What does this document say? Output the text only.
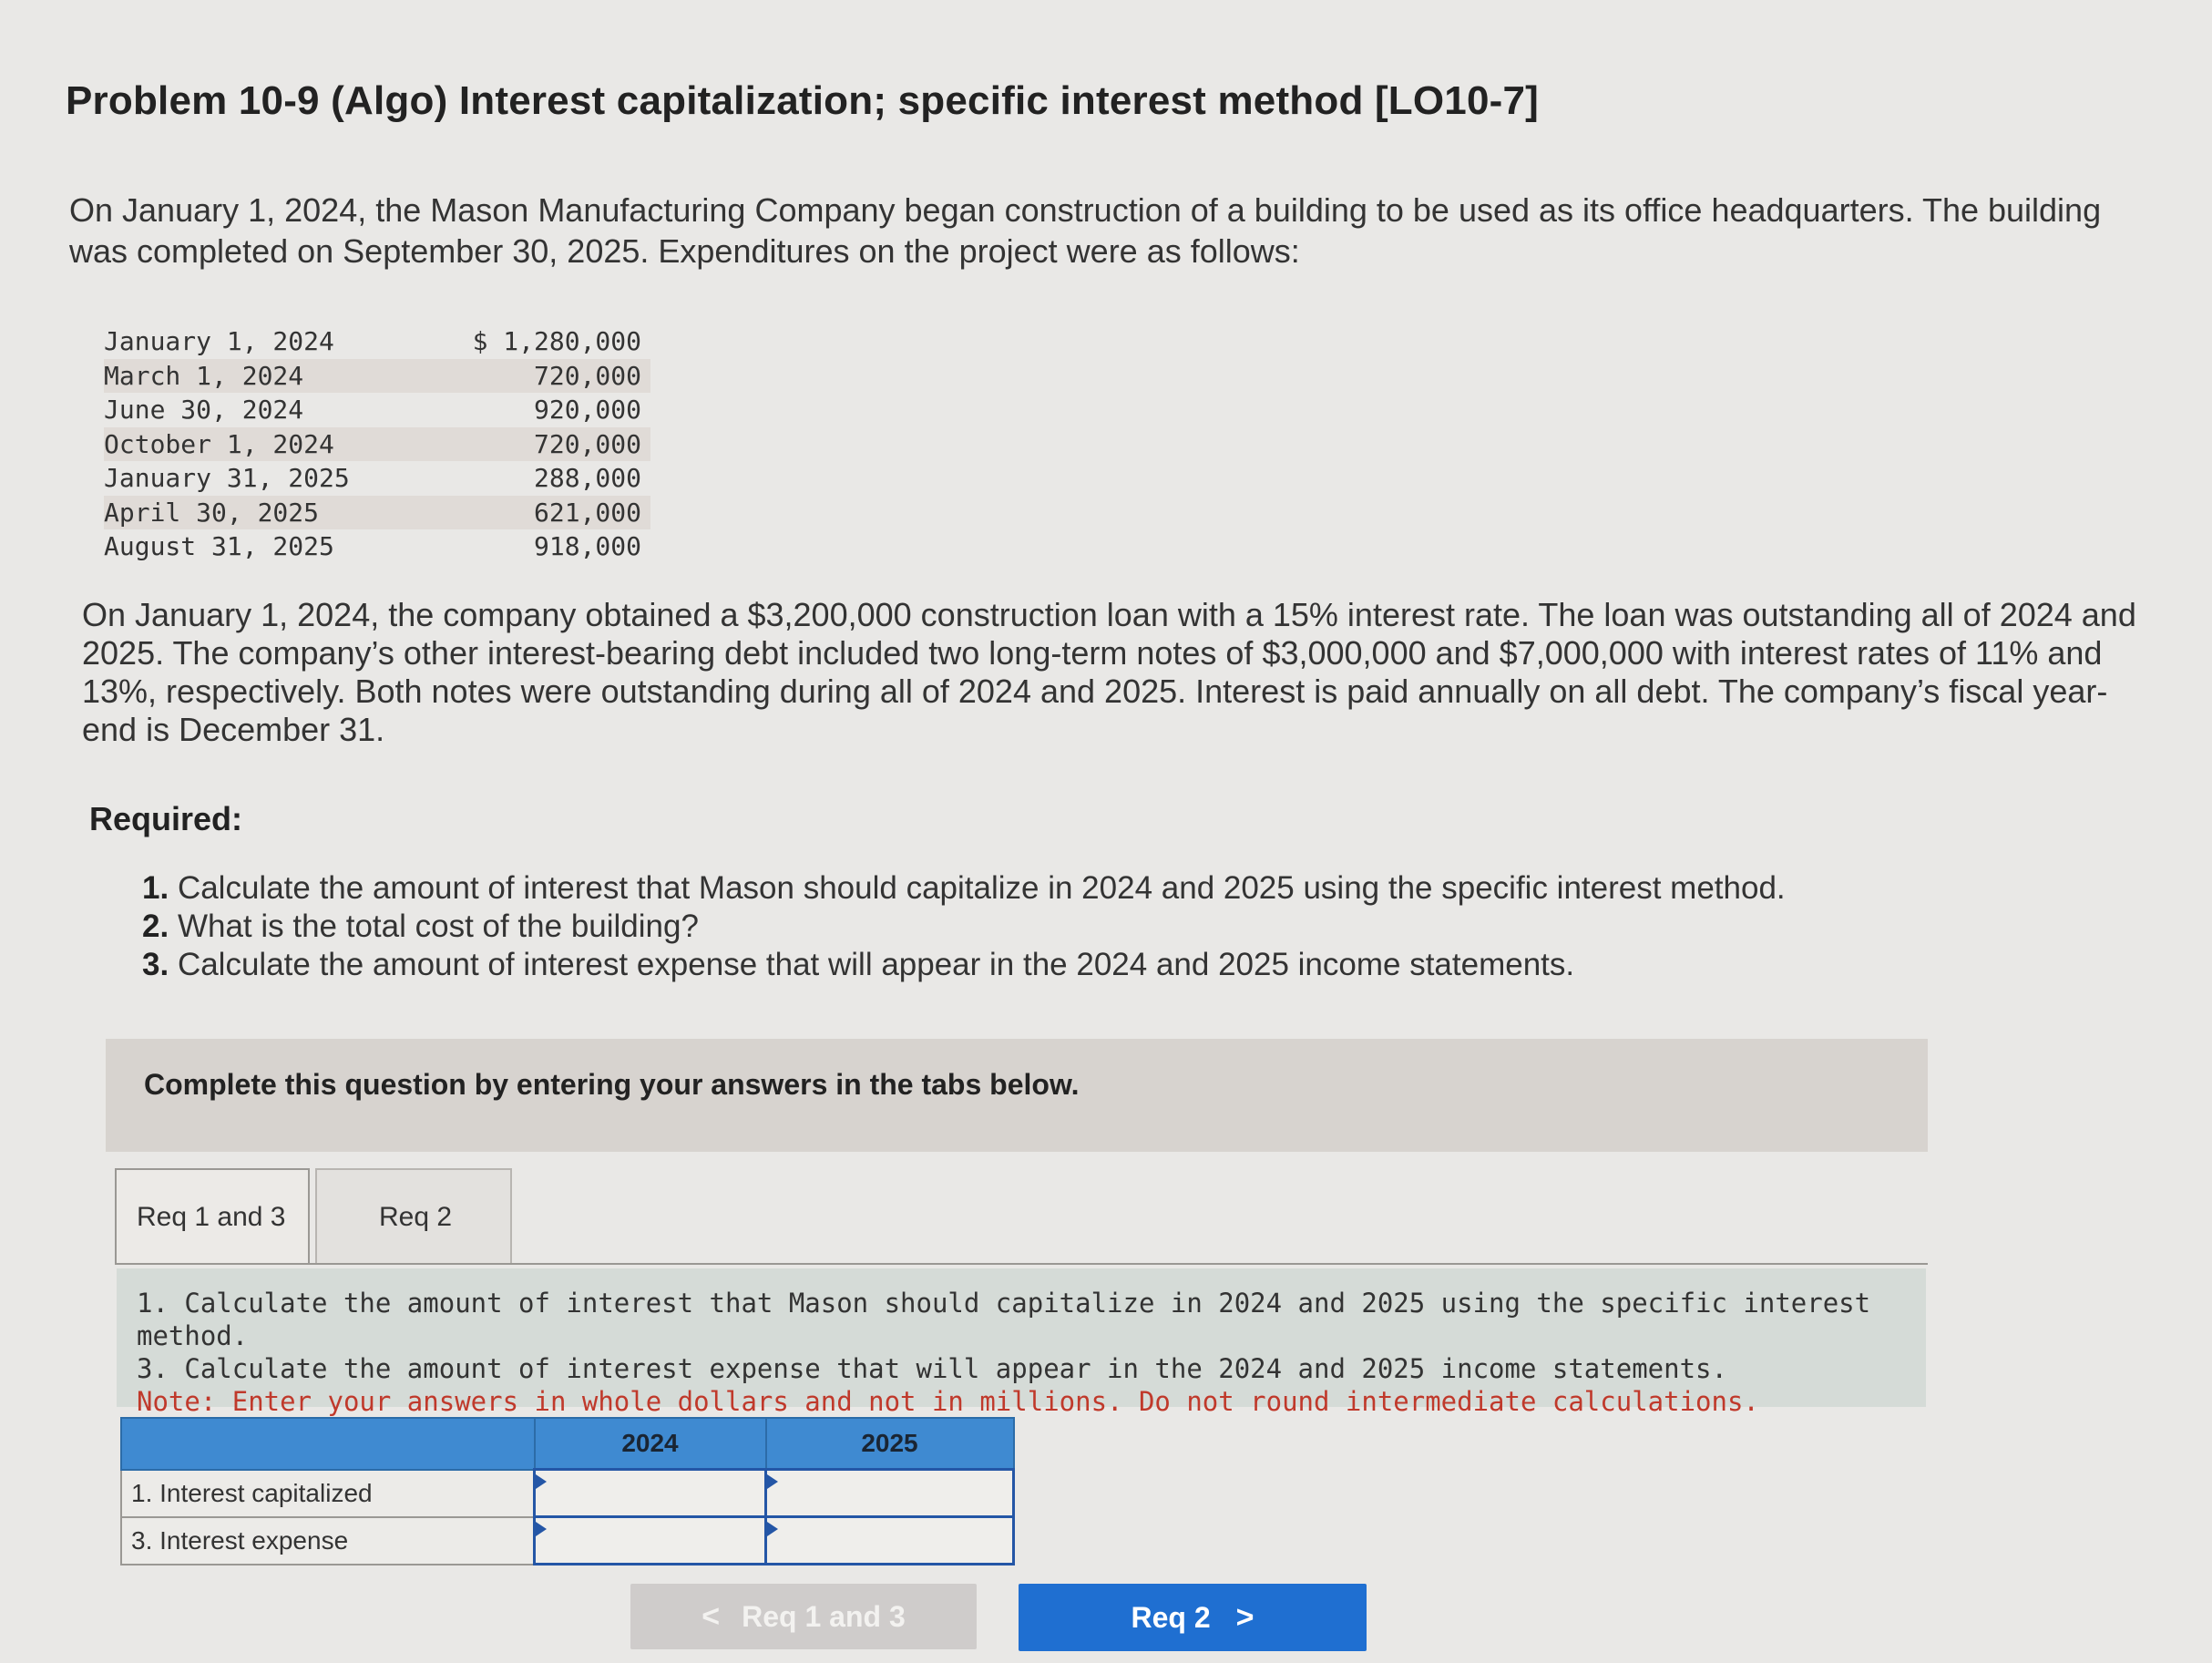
Problem 10-9 (Algo) Interest capitalization; specific interest method [LO10-7]
On January 1, 2024, the Mason Manufacturing Company began construction of a building to be used as its office headquarters. The building was completed on September 30, 2025. Expenditures on the project were as follows:
January 1, 2024	$ 1,280,000
March 1, 2024	720,000
June 30, 2024	920,000
October 1, 2024	720,000
January 31, 2025	288,000
April 30, 2025	621,000
August 31, 2025	918,000
On January 1, 2024, the company obtained a $3,200,000 construction loan with a 15% interest rate. The loan was outstanding all of 2024 and 2025. The company’s other interest-bearing debt included two long-term notes of $3,000,000 and $7,000,000 with interest rates of 11% and 13%, respectively. Both notes were outstanding during all of 2024 and 2025. Interest is paid annually on all debt. The company’s fiscal year-end is December 31.
Required:
1. Calculate the amount of interest that Mason should capitalize in 2024 and 2025 using the specific interest method.
2. What is the total cost of the building?
3. Calculate the amount of interest expense that will appear in the 2024 and 2025 income statements.
Complete this question by entering your answers in the tabs below.
Req 1 and 3	Req 2
1. Calculate the amount of interest that Mason should capitalize in 2024 and 2025 using the specific interest method.
3. Calculate the amount of interest expense that will appear in the 2024 and 2025 income statements.
Note: Enter your answers in whole dollars and not in millions. Do not round intermediate calculations.
	2024	2025
1. Interest capitalized	

3. Interest expense	

< Req 1 and 3	Req 2 >
